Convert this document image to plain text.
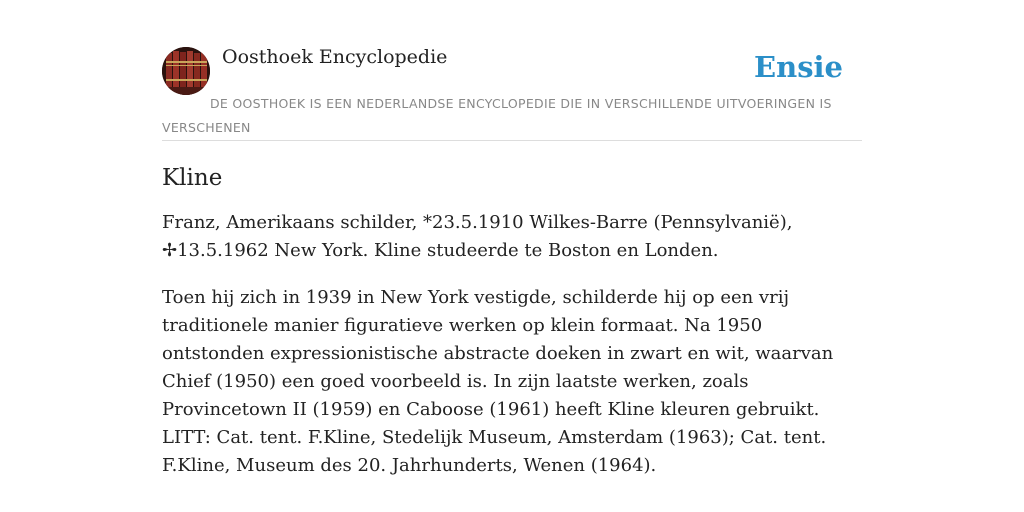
Oosthoek Encyclopedie	Ensie
DE OOSTHOEK IS EEN NEDERLANDSE ENCYCLOPEDIE DIE IN VERSCHILLENDE UITVOERINGEN IS VERSCHENEN
Kline

Franz, Amerikaans schilder, *23.5.1910 Wilkes-Barre (Pennsylvanië), ✢13.5.1962 New York. Kline studeerde te Boston en Londen.

Toen hij zich in 1939 in New York vestigde, schilderde hij op een vrij traditionele manier figuratieve werken op klein formaat. Na 1950 ontstonden expressionistische abstracte doeken in zwart en wit, waarvan Chief (1950) een goed voorbeeld is. In zijn laatste werken, zoals Provincetown II (1959) en Caboose (1961) heeft Kline kleuren gebruikt. LITT: Cat. tent. F.Kline, Stedelijk Museum, Amsterdam (1963); Cat. tent. F.Kline, Museum des 20. Jahrhunderts, Wenen (1964).
